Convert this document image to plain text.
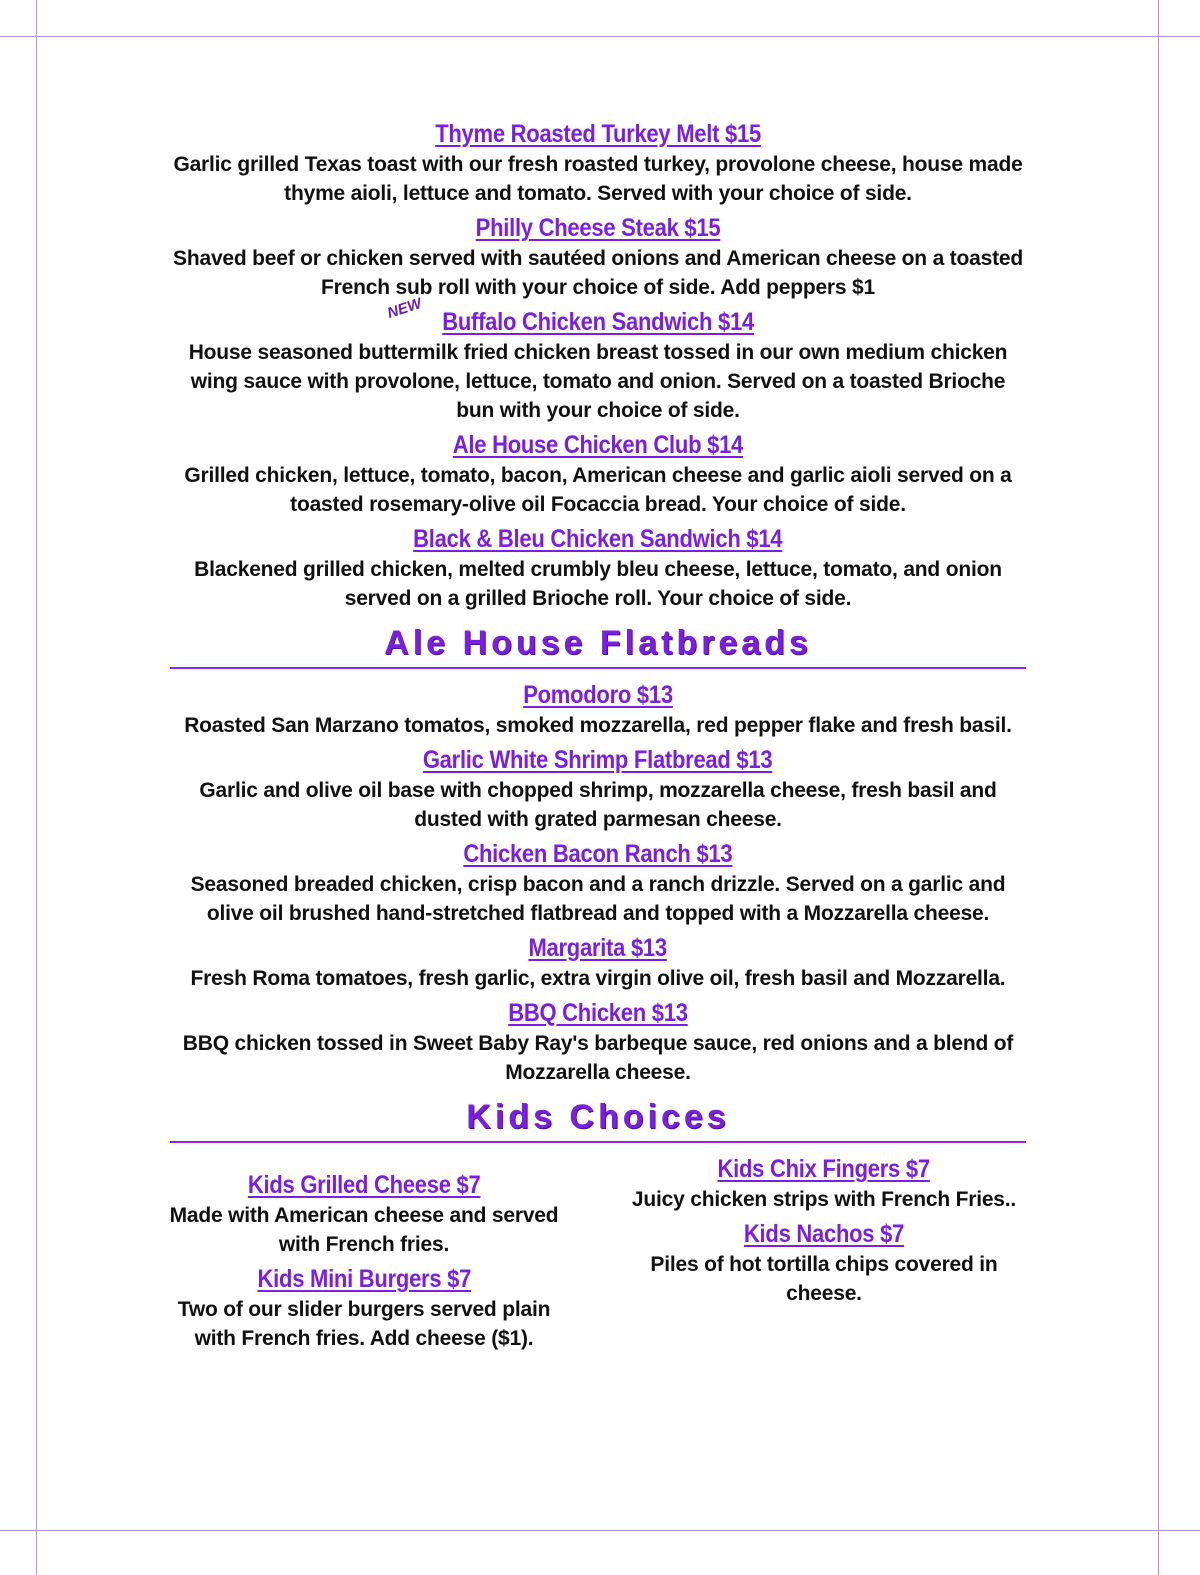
Thyme Roasted Turkey Melt $15

Garlic grilled Texas toast with our fresh roasted turkey, provolone cheese, house made thyme aioli, lettuce and tomato. Served with your choice of side.

Philly Cheese Steak $15

Shaved beef or chicken served with sautéed onions and American cheese on a toasted French sub roll with your choice of side. Add peppers $1

NEW Buffalo Chicken Sandwich $14

House seasoned buttermilk fried chicken breast tossed in our own medium chicken wing sauce with provolone, lettuce, tomato and onion. Served on a toasted Brioche bun with your choice of side.

Ale House Chicken Club $14

Grilled chicken, lettuce, tomato, bacon, American cheese and garlic aioli served on a toasted rosemary-olive oil Focaccia bread. Your choice of side.

Black & Bleu Chicken Sandwich $14

Blackened grilled chicken, melted crumbly bleu cheese, lettuce, tomato, and onion served on a grilled Brioche roll. Your choice of side.

Ale House Flatbreads
Pomodoro $13

Roasted San Marzano tomatos, smoked mozzarella, red pepper flake and fresh basil.

Garlic White Shrimp Flatbread $13

Garlic and olive oil base with chopped shrimp, mozzarella cheese, fresh basil and dusted with grated parmesan cheese.

Chicken Bacon Ranch $13

Seasoned breaded chicken, crisp bacon and a ranch drizzle. Served on a garlic and olive oil brushed hand-stretched flatbread and topped with a Mozzarella cheese.

Margarita $13

Fresh Roma tomatoes, fresh garlic, extra virgin olive oil, fresh basil and Mozzarella.

BBQ Chicken $13

BBQ chicken tossed in Sweet Baby Ray's barbeque sauce, red onions and a blend of Mozzarella cheese.

Kids Choices
Kids Grilled Cheese $7

Made with American cheese and served with French fries.

Kids Mini Burgers $7

Two of our slider burgers served plain with French fries. Add cheese ($1).

Kids Chix Fingers $7

Juicy chicken strips with French Fries..

Kids Nachos $7

Piles of hot tortilla chips covered in cheese.
